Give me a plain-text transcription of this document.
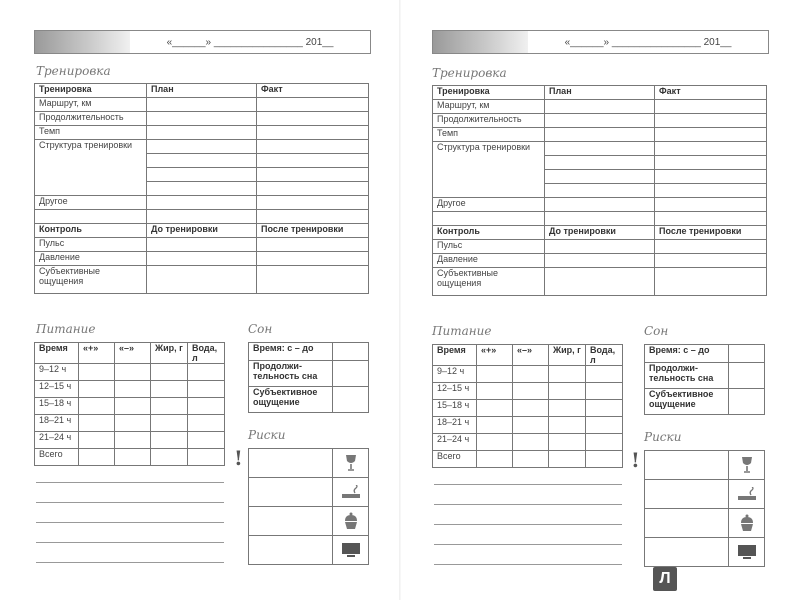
«______» ________________ 201__
Тренировка
Тренировка	План	Факт
Маршрут, км		
Продолжительность		
Темп		
Структура тренировки		

Другое		

Контроль	До тренировки	После тренировки
Пульс		
Давление		
Субъективные ощущения		
Питание
Время	«+»	«–»	Жир, г	Вода, л
9–12 ч				
12–15 ч				
15–18 ч				
18–21 ч				
21–24 ч				
Всего				
Сон
Время: с – до	
Продолжи-тельность сна	
Субъективное ощущение	
Риски
!

«______» ________________ 201__
Тренировка
Тренировка	План	Факт
Маршрут, км		
Продолжительность		
Темп		
Структура тренировки		

Другое		

Контроль	До тренировки	После тренировки
Пульс		
Давление		
Субъективные ощущения		
Питание
Время	«+»	«–»	Жир, г	Вода, л
9–12 ч				
12–15 ч				
15–18 ч				
18–21 ч				
21–24 ч				
Всего				
Сон
Время: с – до	
Продолжи-тельность сна	
Субъективное ощущение	
Риски
!

Л
